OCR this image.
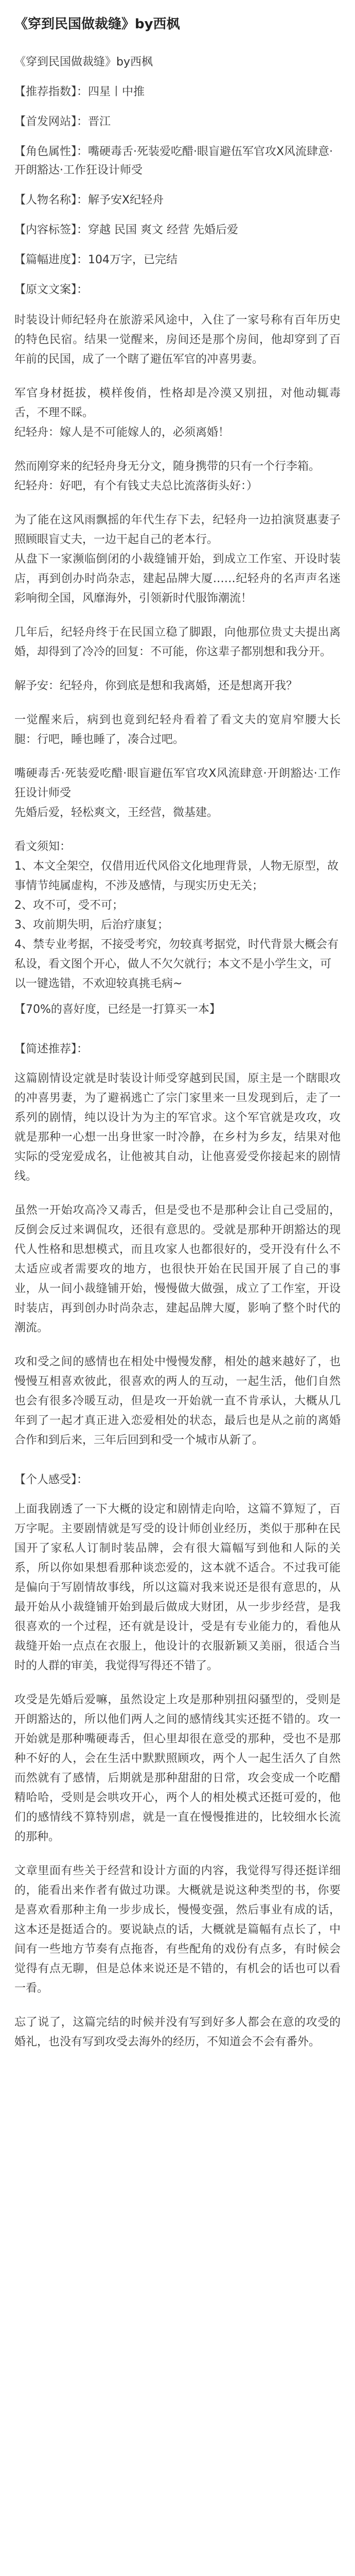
《穿到民国做裁缝》by西枫

《穿到民国做裁缝》by西枫

【推荐指数】：四星丨中推

【首发网站】：晋江

【角色属性】：嘴硬毒舌·死装爱吃醋·眼盲避伍军官攻X风流肆意·开朗豁达·工作狂设计师受

【人物名称】：解予安X纪轻舟

【内容标签】：穿越 民国 爽文 经营 先婚后爱

【篇幅进度】：104万字，已完结

【原文文案】：

时装设计师纪轻舟在旅游采风途中，入住了一家号称有百年历史的特色民宿。结果一觉醒来，房间还是那个房间，他却穿到了百年前的民国，成了一个瞎了避伍军官的冲喜男妻。

军官身材挺拔，模样俊俏，性格却是冷漠又别扭，对他动辄毒舌，不理不睬。
纪轻舟：嫁人是不可能嫁人的，必须离婚！

然而刚穿来的纪轻舟身无分文，随身携带的只有一个行李箱。
纪轻舟：好吧，有个有钱丈夫总比流落街头好：）

为了能在这风雨飘摇的年代生存下去，纪轻舟一边拍演贤惠妻子照顾眼盲丈夫，一边干起自己的老本行。
从盘下一家濒临倒闭的小裁缝铺开始，到成立工作室、开设时装店，再到创办时尚杂志，建起品牌大厦……纪轻舟的名声声名迷彩响彻全国，风靡海外，引领新时代服饰潮流！

几年后，纪轻舟终于在民国立稳了脚跟，向他那位贵丈夫提出离婚，却得到了冷冷的回复：不可能，你这辈子都别想和我分开。

解予安：纪轻舟，你到底是想和我离婚，还是想离开我？

一觉醒来后，病到也竟到纪轻舟看着了看文夫的宽肩窄腰大长腿：行吧，睡也睡了，凑合过吧。

嘴硬毒舌·死装爱吃醋·眼盲避伍军官攻X风流肆意·开朗豁达·工作狂设计师受
先婚后爱，轻松爽文，王经营，微基建。

看文须知：
1、本文全架空，仅借用近代风俗文化地理背景，人物无原型，故事情节纯属虚构，不涉及感情，与现实历史无关；
2、攻不可，受不可；
3、攻前期失明，后治疗康复；
4、禁专业考据，不接受考究，勿较真考据党，时代背景大概会有私设，看文图个开心，做人不欠欠就行；本文不是小学生文，可以一键选错，不欢迎较真挑毛病~

【70%的喜好度，已经是一打算买一本】

【简述推荐】：

这篇剧情设定就是时装设计师受穿越到民国，原主是一个瞎眼攻的冲喜男妻，为了避祸逃亡了宗门家里来一旦发现到后，走了一系列的剧情，纯以设计为为主的军官求。这个军官就是攻攻，攻就是那种一心想一出身世家一时冷静，在乡村为乡友，结果对他实际的受宠爱成名，让他被其自动，让他喜爱受你接起来的剧情线。

虽然一开始攻高冷又毒舌，但是受也不是那种会让自己受屈的，反倒会反过来调侃攻，还很有意思的。受就是那种开朗豁达的现代人性格和思想模式，而且攻家人也都很好的，受开没有什么不太适应或者需要攻的地方，也很快开始在民国开展了自己的事业，从一间小裁缝铺开始，慢慢做大做强，成立了工作室，开设时装店，再到创办时尚杂志，建起品牌大厦，影响了整个时代的潮流。

攻和受之间的感情也在相处中慢慢发酵，相处的越来越好了，也慢慢互相喜欢彼此，很喜欢的两人的互动，一起生活，他们自然也会有很多冷暖互动，但是攻一开始就一直不肯承认，大概从几年到了一起才真正进入恋爱相处的状态，最后也是从之前的离婚合作和到后来，三年后回到和受一个城市从新了。

【个人感受】：

上面我剧透了一下大概的设定和剧情走向哈，这篇不算短了，百万字呢。主要剧情就是写受的设计师创业经历，类似于那种在民国开了家私人订制时装品牌，会有很大篇幅写到他和人际的关系，所以你如果想看那种谈恋爱的，这本就不适合。不过我可能是偏向于写剧情故事线，所以这篇对我来说还是很有意思的，从最开始从小裁缝铺开始到最后做成大财团，从一步步经营，是我很喜欢的一个过程，还有就是设计，受是有专业能力的，看他从裁缝开始一点点在衣服上，他设计的衣服新颖又美丽，很适合当时的人群的审美，我觉得写得还不错了。

攻受是先婚后爱嘛，虽然设定上攻是那种别扭闷骚型的，受则是开朗豁达的，所以他们两人之间的感情线其实还挺不错的。攻一开始就是那种嘴硬毒舌，但心里却很在意受的那种，受也不是那种不好的人，会在生活中默默照顾攻，两个人一起生活久了自然而然就有了感情，后期就是那种甜甜的日常，攻会变成一个吃醋精哈哈，受则是会哄攻开心，两个人的相处模式还挺可爱的，他们的感情线不算特别虐，就是一直在慢慢推进的，比较细水长流的那种。

文章里面有些关于经营和设计方面的内容，我觉得写得还挺详细的，能看出来作者有做过功课。大概就是说这种类型的书，你要是喜欢看那种主角一步步成长，慢慢变强，然后事业有成的话，这本还是挺适合的。要说缺点的话，大概就是篇幅有点长了，中间有一些地方节奏有点拖沓，有些配角的戏份有点多，有时候会觉得有点无聊，但是总体来说还是不错的，有机会的话也可以看一看。

忘了说了，这篇完结的时候并没有写到好多人都会在意的攻受的婚礼，也没有写到攻受去海外的经历，不知道会不会有番外。
